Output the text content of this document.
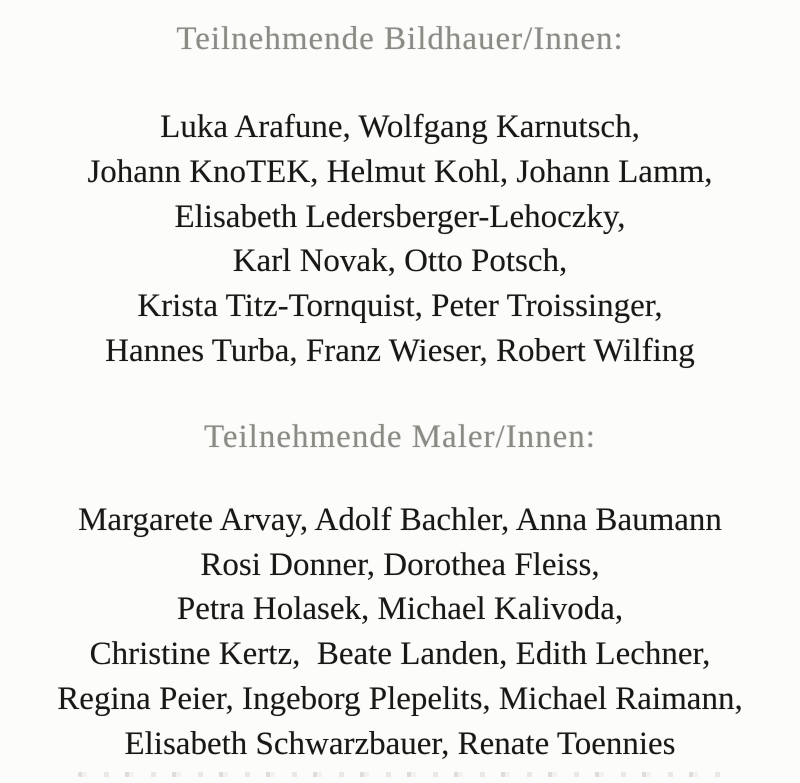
Teilnehmende Bildhauer/Innen:
Luka Arafune, Wolfgang Karnutsch,
Johann KnoTEK, Helmut Kohl, Johann Lamm,
Elisabeth Ledersberger-Lehoczky,
Karl Novak, Otto Potsch,
Krista Titz-Tornquist, Peter Troissinger,
Hannes Turba, Franz Wieser, Robert Wilfing
Teilnehmende Maler/Innen:
Margarete Arvay, Adolf Bachler, Anna Baumann
Rosi Donner, Dorothea Fleiss,
Petra Holasek, Michael Kalivoda,
Christine Kertz,  Beate Landen, Edith Lechner,
Regina Peier, Ingeborg Plepelits, Michael Raimann,
Elisabeth Schwarzbauer, Renate Toennies
